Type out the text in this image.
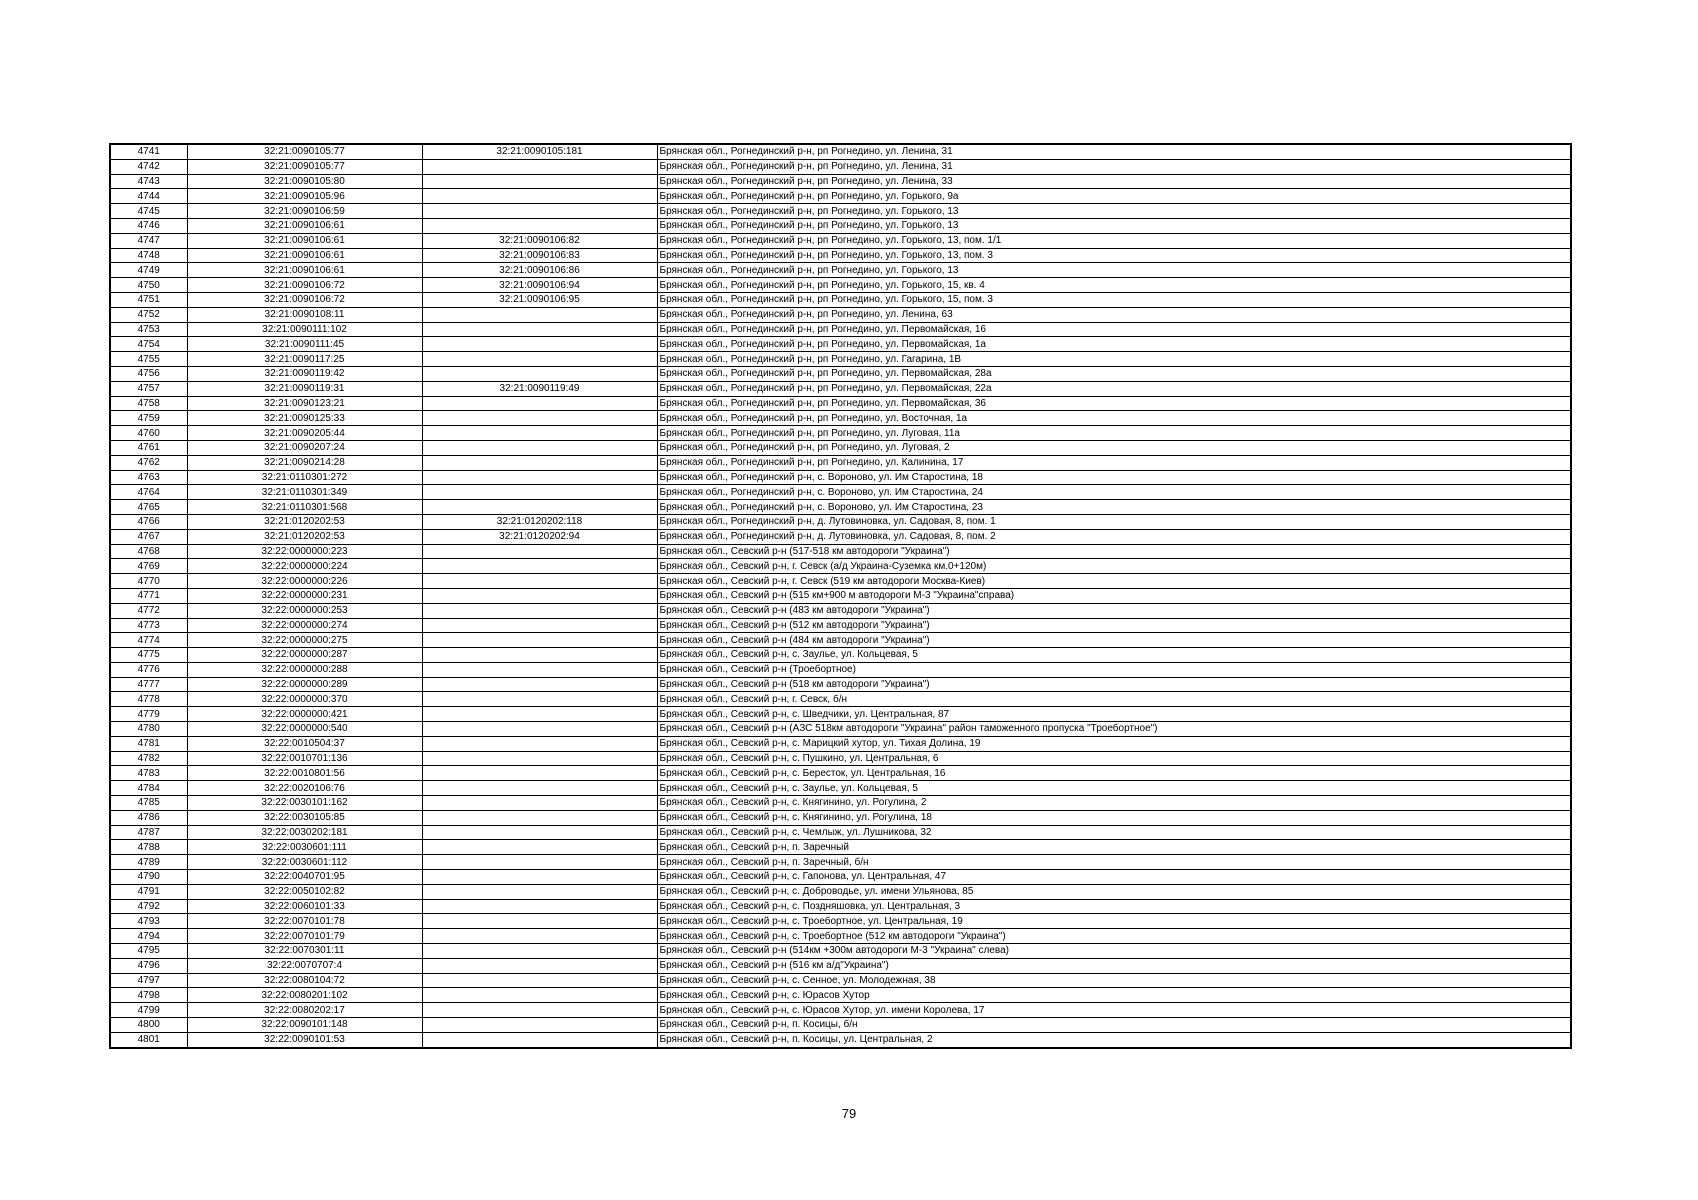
4741	32:21:0090105:77	32:21:0090105:181	Брянская обл., Рогнединский р-н, рп Рогнедино, ул. Ленина, 31
4742	32:21:0090105:77		Брянская обл., Рогнединский р-н, рп Рогнедино, ул. Ленина, 31
4743	32:21:0090105:80		Брянская обл., Рогнединский р-н, рп Рогнедино, ул. Ленина, 33
4744	32:21:0090105:96		Брянская обл., Рогнединский р-н, рп Рогнедино, ул. Горького, 9а
4745	32:21:0090106:59		Брянская обл., Рогнединский р-н, рп Рогнедино, ул. Горького, 13
4746	32:21:0090106:61		Брянская обл., Рогнединский р-н, рп Рогнедино, ул. Горького, 13
4747	32:21:0090106:61	32:21:0090106:82	Брянская обл., Рогнединский р-н, рп Рогнедино, ул. Горького, 13, пом. 1/1
4748	32:21:0090106:61	32:21:0090106:83	Брянская обл., Рогнединский р-н, рп Рогнедино, ул. Горького, 13, пом. 3
4749	32:21:0090106:61	32:21:0090106:86	Брянская обл., Рогнединский р-н, рп Рогнедино, ул. Горького, 13
4750	32:21:0090106:72	32:21:0090106:94	Брянская обл., Рогнединский р-н, рп Рогнедино, ул. Горького, 15, кв. 4
4751	32:21:0090106:72	32:21:0090106:95	Брянская обл., Рогнединский р-н, рп Рогнедино, ул. Горького, 15, пом. 3
4752	32:21:0090108:11		Брянская обл., Рогнединский р-н, рп Рогнедино, ул. Ленина, 63
4753	32:21:0090111:102		Брянская обл., Рогнединский р-н, рп Рогнедино, ул. Первомайская, 16
4754	32:21:0090111:45		Брянская обл., Рогнединский р-н, рп Рогнедино, ул. Первомайская, 1а
4755	32:21:0090117:25		Брянская обл., Рогнединский р-н, рп Рогнедино, ул. Гагарина, 1В
4756	32:21:0090119:42		Брянская обл., Рогнединский р-н, рп Рогнедино, ул. Первомайская, 28а
4757	32:21:0090119:31	32:21:0090119:49	Брянская обл., Рогнединский р-н, рп Рогнедино, ул. Первомайская, 22а
4758	32:21:0090123:21		Брянская обл., Рогнединский р-н, рп Рогнедино, ул. Первомайская, 36
4759	32:21:0090125:33		Брянская обл., Рогнединский р-н, рп Рогнедино, ул. Восточная, 1а
4760	32:21:0090205:44		Брянская обл., Рогнединский р-н, рп Рогнедино, ул. Луговая, 11а
4761	32:21:0090207:24		Брянская обл., Рогнединский р-н, рп Рогнедино, ул. Луговая, 2
4762	32:21:0090214:28		Брянская обл., Рогнединский р-н, рп Рогнедино, ул. Калинина, 17
4763	32:21:0110301:272		Брянская обл., Рогнединский р-н, с. Вороново, ул. Им Старостина, 18
4764	32:21:0110301:349		Брянская обл., Рогнединский р-н, с. Вороново, ул. Им Старостина, 24
4765	32:21:0110301:568		Брянская обл., Рогнединский р-н, с. Вороново, ул. Им Старостина, 23
4766	32:21:0120202:53	32:21:0120202:118	Брянская обл., Рогнединский р-н, д. Лутовиновка, ул. Садовая, 8, пом. 1
4767	32:21:0120202:53	32:21:0120202:94	Брянская обл., Рогнединский р-н, д. Лутовиновка, ул. Садовая, 8, пом. 2
4768	32:22:0000000:223		Брянская обл., Севский р-н (517-518 км автодороги "Украина")
4769	32:22:0000000:224		Брянская обл., Севский р-н, г. Севск (а/д Украина-Суземка км.0+120м)
4770	32:22:0000000:226		Брянская обл., Севский р-н, г. Севск (519 км автодороги Москва-Киев)
4771	32:22:0000000:231		Брянская обл., Севский р-н (515 км+900 м автодороги М-3 "Украина"справа)
4772	32:22:0000000:253		Брянская обл., Севский р-н (483 км автодороги "Украина")
4773	32:22:0000000:274		Брянская обл., Севский р-н (512 км автодороги "Украина")
4774	32:22:0000000:275		Брянская обл., Севский р-н (484 км автодороги "Украина")
4775	32:22:0000000:287		Брянская обл., Севский р-н, с. Заулье, ул. Кольцевая, 5
4776	32:22:0000000:288		Брянская обл., Севский р-н (Троебортное)
4777	32:22:0000000:289		Брянская обл., Севский р-н (518 км автодороги "Украина")
4778	32:22:0000000:370		Брянская обл., Севский р-н, г. Севск, б/н
4779	32:22:0000000:421		Брянская обл., Севский р-н, с. Шведчики, ул. Центральная, 87
4780	32:22:0000000:540		Брянская обл., Севский р-н (АЗС 518км автодороги "Украина" район таможенного пропуска "Троебортное")
4781	32:22:0010504:37		Брянская обл., Севский р-н, с. Марицкий хутор, ул. Тихая Долина, 19
4782	32:22:0010701:136		Брянская обл., Севский р-н, с. Пушкино, ул. Центральная, 6
4783	32:22:0010801:56		Брянская обл., Севский р-н, с. Бересток, ул. Центральная, 16
4784	32:22:0020106:76		Брянская обл., Севский р-н, с. Заулье, ул. Кольцевая, 5
4785	32:22:0030101:162		Брянская обл., Севский р-н, с. Княгинино, ул. Рогулина, 2
4786	32:22:0030105:85		Брянская обл., Севский р-н, с. Княгинино, ул. Рогулина, 18
4787	32:22:0030202:181		Брянская обл., Севский р-н, с. Чемлыж, ул. Лушникова, 32
4788	32:22:0030601:111		Брянская обл., Севский р-н, п. Заречный
4789	32:22:0030601:112		Брянская обл., Севский р-н, п. Заречный, б/н
4790	32:22:0040701:95		Брянская обл., Севский р-н, с. Гапонова, ул. Центральная, 47
4791	32:22:0050102:82		Брянская обл., Севский р-н, с. Доброводье, ул. имени Ульянова, 85
4792	32:22:0060101:33		Брянская обл., Севский р-н, с. Поздняшовка, ул. Центральная, 3
4793	32:22:0070101:78		Брянская обл., Севский р-н, с. Троебортное, ул. Центральная, 19
4794	32:22:0070101:79		Брянская обл., Севский р-н, с. Троебортное (512 км автодороги "Украина")
4795	32:22:0070301:11		Брянская обл., Севский р-н (514км +300м автодороги М-3 "Украина" слева)
4796	32:22:0070707:4		Брянская обл., Севский р-н (516 км а/д"Украина")
4797	32:22:0080104:72		Брянская обл., Севский р-н, с. Сенное, ул. Молодежная, 38
4798	32:22:0080201:102		Брянская обл., Севский р-н, с. Юрасов Хутор
4799	32:22:0080202:17		Брянская обл., Севский р-н, с. Юрасов Хутор, ул. имени Королева, 17
4800	32:22:0090101:148		Брянская обл., Севский р-н, п. Косицы, б/н
4801	32:22:0090101:53		Брянская обл., Севский р-н, п. Косицы, ул. Центральная, 2
79
